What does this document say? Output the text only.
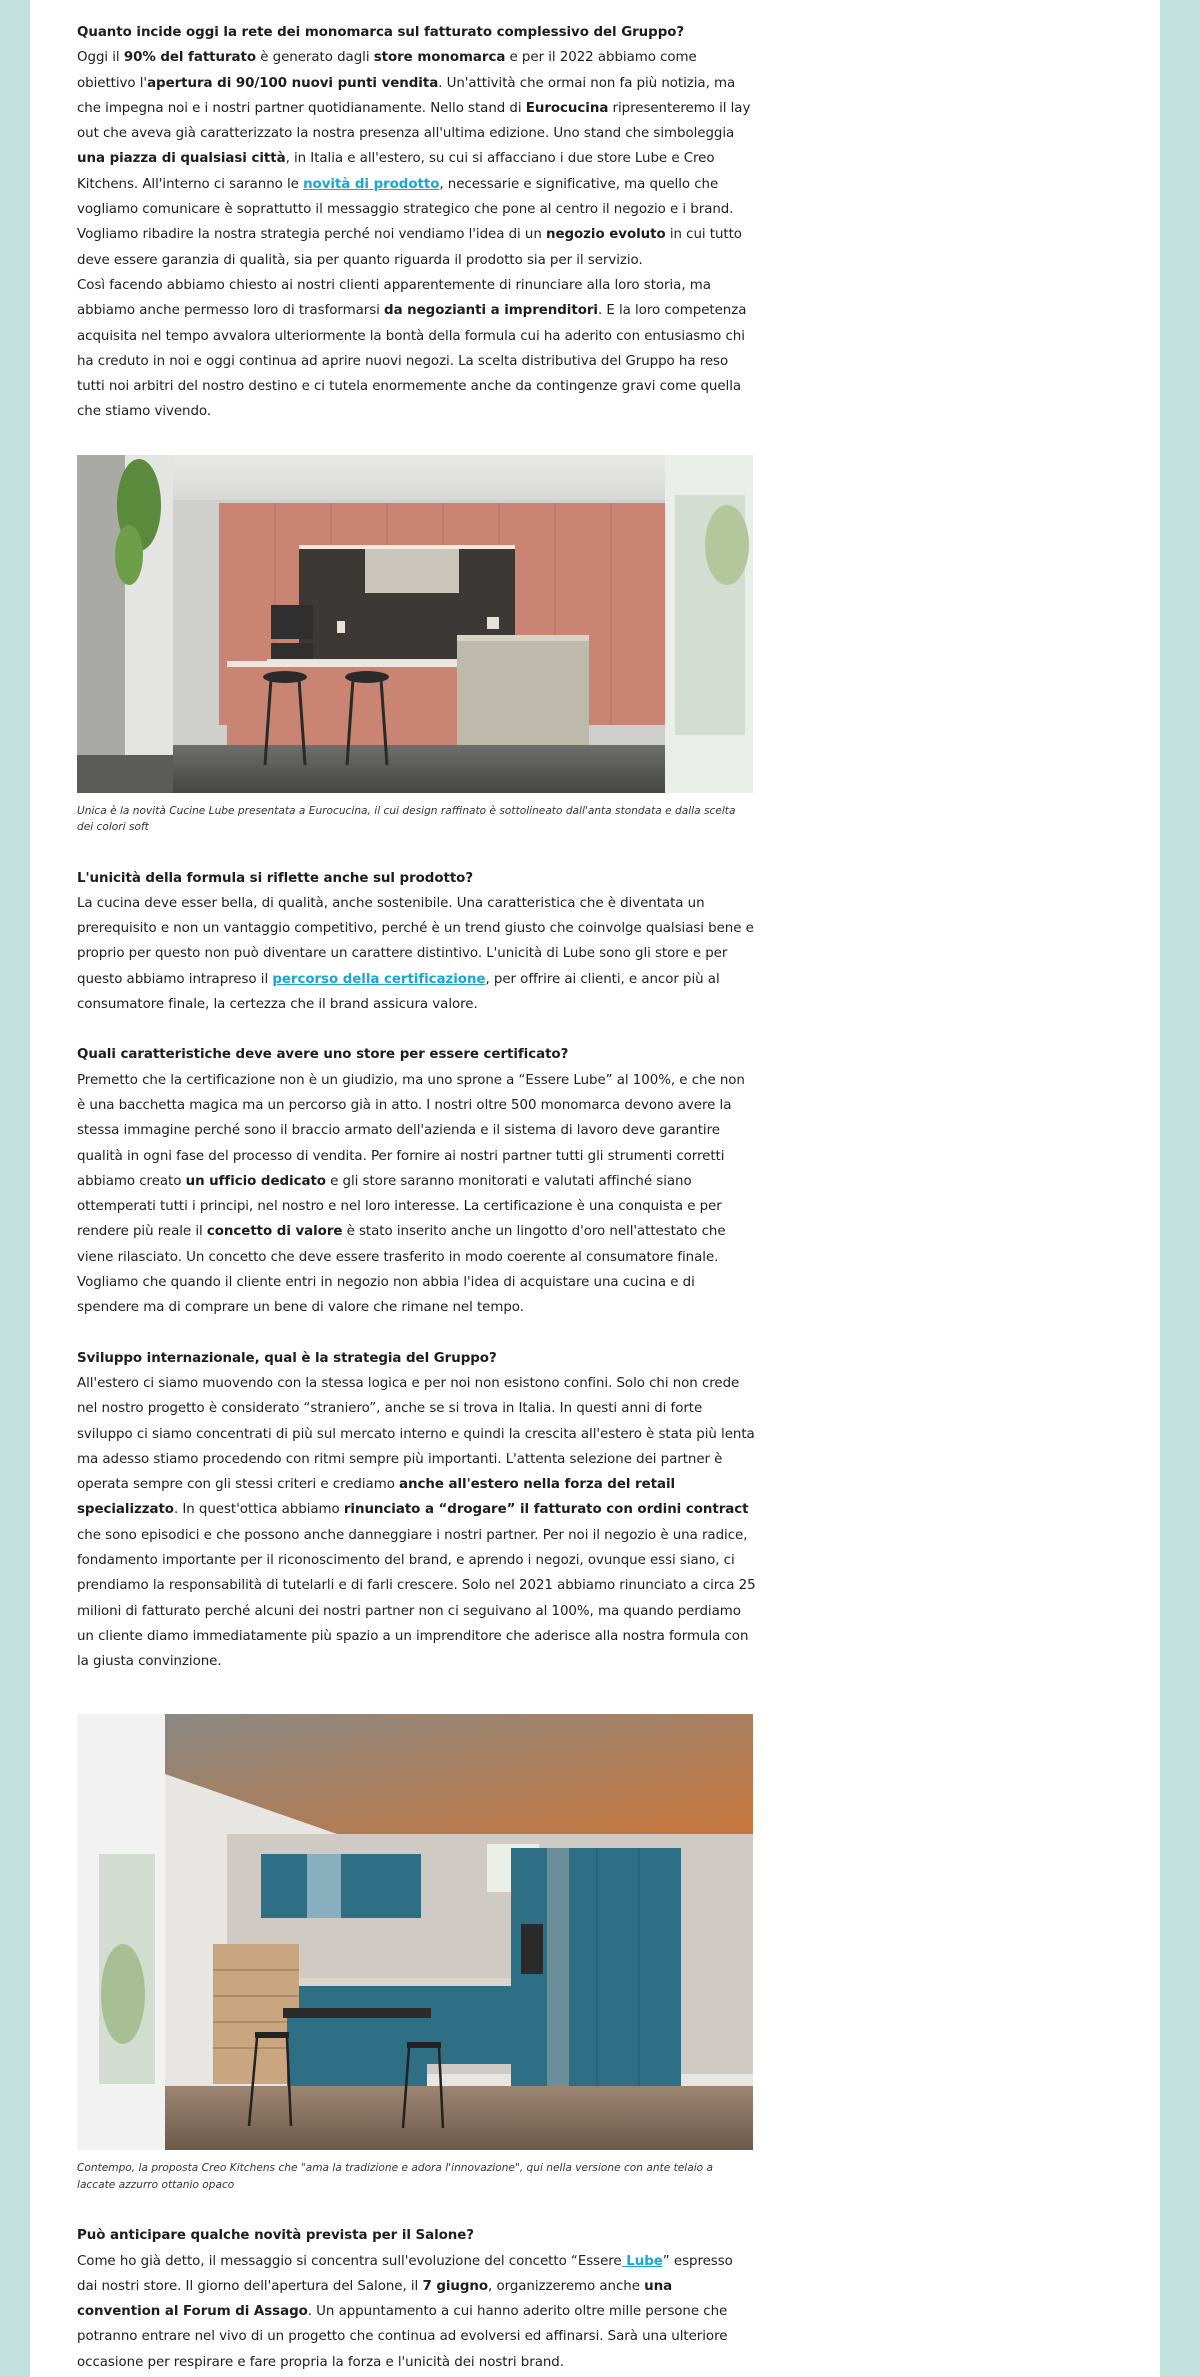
Quanto incide oggi la rete dei monomarca sul fatturato complessivo del Gruppo?

Oggi il 90% del fatturato è generato dagli store monomarca e per il 2022 abbiamo come obiettivo l'apertura di 90/100 nuovi punti vendita. Un'attività che ormai non fa più notizia, ma che impegna noi e i nostri partner quotidianamente. Nello stand di Eurocucina ripresenteremo il lay out che aveva già caratterizzato la nostra presenza all'ultima edizione. Uno stand che simboleggia una piazza di qualsiasi città, in Italia e all'estero, su cui si affacciano i due store Lube e Creo Kitchens. All'interno ci saranno le novità di prodotto, necessarie e significative, ma quello che vogliamo comunicare è soprattutto il messaggio strategico che pone al centro il negozio e i brand. Vogliamo ribadire la nostra strategia perché noi vendiamo l'idea di un negozio evoluto in cui tutto deve essere garanzia di qualità, sia per quanto riguarda il prodotto sia per il servizio.

Così facendo abbiamo chiesto ai nostri clienti apparentemente di rinunciare alla loro storia, ma abbiamo anche permesso loro di trasformarsi da negozianti a imprenditori. E la loro competenza acquisita nel tempo avvalora ulteriormente la bontà della formula cui ha aderito con entusiasmo chi ha creduto in noi e oggi continua ad aprire nuovi negozi. La scelta distributiva del Gruppo ha reso tutti noi arbitri del nostro destino e ci tutela enormemente anche da contingenze gravi come quella che stiamo vivendo.

Unica è la novità Cucine Lube presentata a Eurocucina, il cui design raffinato è sottolineato dall'anta stondata e dalla scelta dei colori soft

L'unicità della formula si riflette anche sul prodotto?

La cucina deve esser bella, di qualità, anche sostenibile. Una caratteristica che è diventata un prerequisito e non un vantaggio competitivo, perché è un trend giusto che coinvolge qualsiasi bene e proprio per questo non può diventare un carattere distintivo. L'unicità di Lube sono gli store e per questo abbiamo intrapreso il percorso della certificazione, per offrire ai clienti, e ancor più al consumatore finale, la certezza che il brand assicura valore.

Quali caratteristiche deve avere uno store per essere certificato?

Premetto che la certificazione non è un giudizio, ma uno sprone a “Essere Lube” al 100%, e che non è una bacchetta magica ma un percorso già in atto. I nostri oltre 500 monomarca devono avere la stessa immagine perché sono il braccio armato dell'azienda e il sistema di lavoro deve garantire qualità in ogni fase del processo di vendita. Per fornire ai nostri partner tutti gli strumenti corretti abbiamo creato un ufficio dedicato e gli store saranno monitorati e valutati affinché siano ottemperati tutti i principi, nel nostro e nel loro interesse. La certificazione è una conquista e per rendere più reale il concetto di valore è stato inserito anche un lingotto d'oro nell'attestato che viene rilasciato. Un concetto che deve essere trasferito in modo coerente al consumatore finale. Vogliamo che quando il cliente entri in negozio non abbia l'idea di acquistare una cucina e di spendere ma di comprare un bene di valore che rimane nel tempo.

Sviluppo internazionale, qual è la strategia del Gruppo?

All'estero ci siamo muovendo con la stessa logica e per noi non esistono confini. Solo chi non crede nel nostro progetto è considerato “straniero”, anche se si trova in Italia. In questi anni di forte sviluppo ci siamo concentrati di più sul mercato interno e quindi la crescita all'estero è stata più lenta ma adesso stiamo procedendo con ritmi sempre più importanti. L'attenta selezione dei partner è operata sempre con gli stessi criteri e crediamo anche all'estero nella forza del retail specializzato. In quest'ottica abbiamo rinunciato a “drogare” il fatturato con ordini contract che sono episodici e che possono anche danneggiare i nostri partner. Per noi il negozio è una radice, fondamento importante per il riconoscimento del brand, e aprendo i negozi, ovunque essi siano, ci prendiamo la responsabilità di tutelarli e di farli crescere. Solo nel 2021 abbiamo rinunciato a circa 25 milioni di fatturato perché alcuni dei nostri partner non ci seguivano al 100%, ma quando perdiamo un cliente diamo immediatamente più spazio a un imprenditore che aderisce alla nostra formula con la giusta convinzione.

Contempo, la proposta Creo Kitchens che "ama la tradizione e adora l'innovazione", qui nella versione con ante telaio a laccate azzurro ottanio opaco

Può anticipare qualche novità prevista per il Salone?

Come ho già detto, il messaggio si concentra sull'evoluzione del concetto “Essere Lube” espresso dai nostri store. Il giorno dell'apertura del Salone, il 7 giugno, organizzeremo anche una convention al Forum di Assago. Un appuntamento a cui hanno aderito oltre mille persone che potranno entrare nel vivo di un progetto che continua ad evolversi ed affinarsi. Sarà una ulteriore occasione per respirare e fare propria la forza e l'unicità dei nostri brand.
